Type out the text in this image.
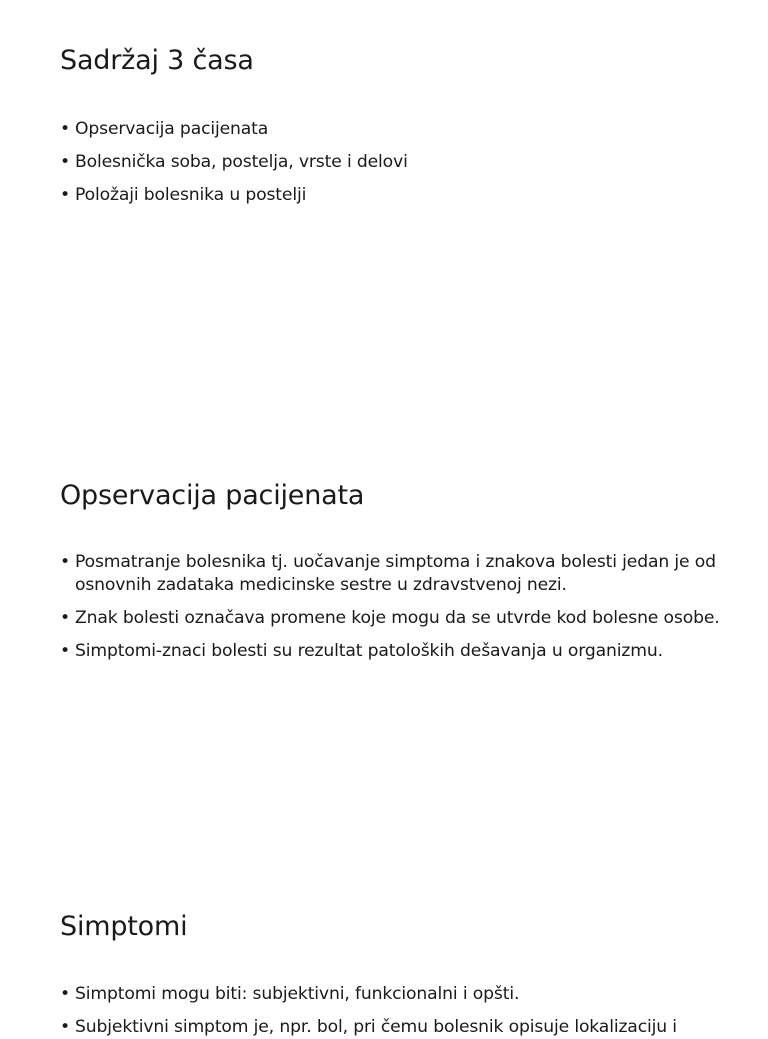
Sadržaj 3 časa
• Opservacija pacijenata
• Bolesnička soba, postelja, vrste i delovi
• Položaji bolesnika u postelji
Opservacija pacijenata
• Posmatranje bolesnika tj. uočavanje simptoma i znakova bolesti jedan je od osnovnih zadataka medicinske sestre u zdravstvenoj nezi.
• Znak bolesti označava promene koje mogu da se utvrde kod bolesne osobe.
• Simptomi-znaci bolesti su rezultat patoloških dešavanja u organizmu.
Simptomi
• Simptomi mogu biti: subjektivni, funkcionalni i opšti.
• Subjektivni simptom je, npr. bol, pri čemu bolesnik opisuje lokalizaciju i
